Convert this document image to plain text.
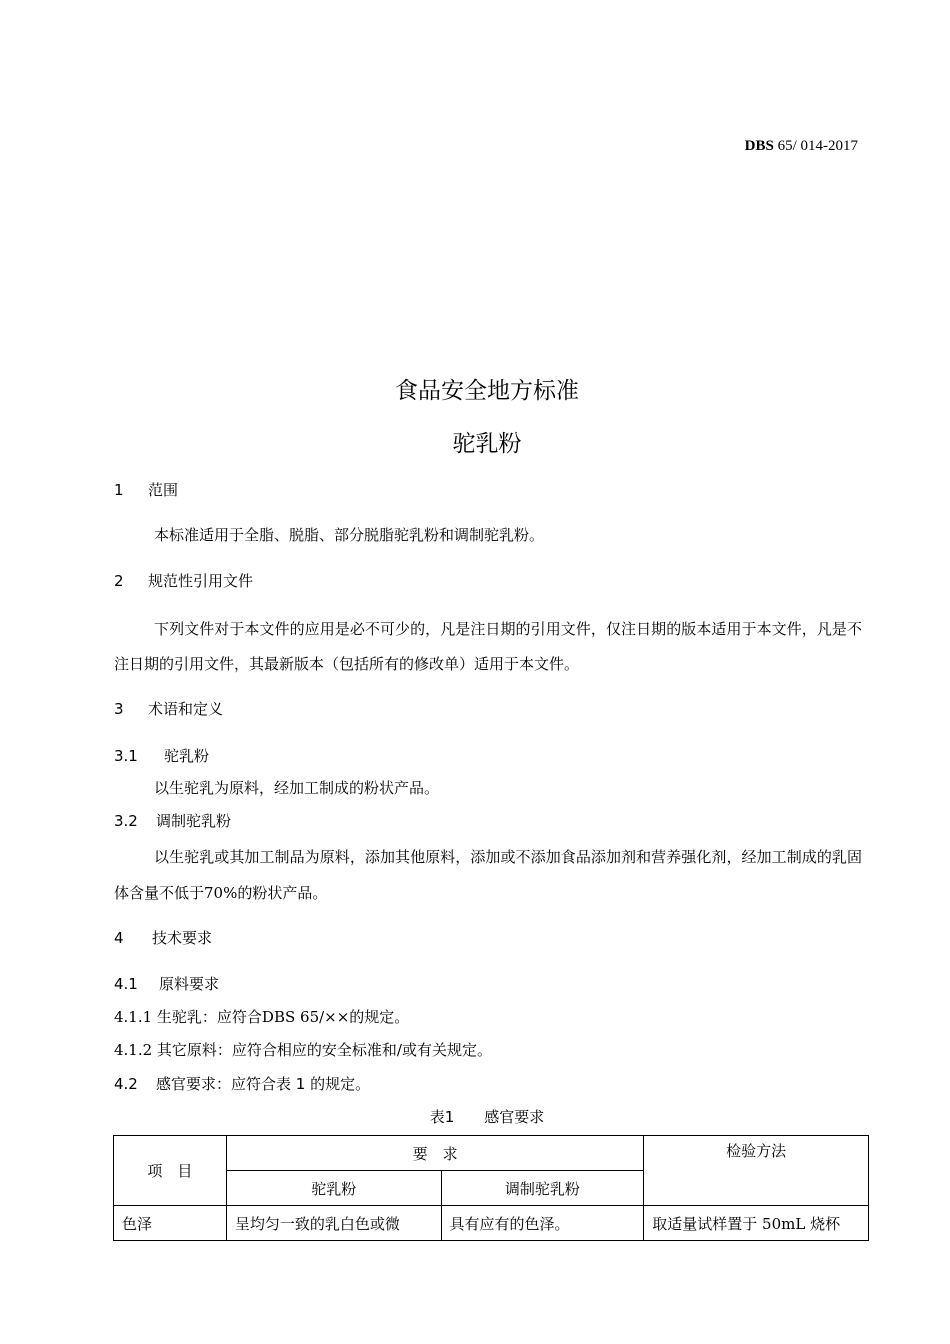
DBS 65/ 014-2017
食品安全地方标准
驼乳粉
1 范围
本标准适用于全脂、脱脂、部分脱脂驼乳粉和调制驼乳粉。
2 规范性引用文件
下列文件对于本文件的应用是必不可少的，凡是注日期的引用文件，仅注日期的版本适用于本文件，凡是不注日期的引用文件，其最新版本（包括所有的修改单）适用于本文件。
3 术语和定义
3.1 驼乳粉
以生驼乳为原料，经加工制成的粉状产品。
3.2 调制驼乳粉
以生驼乳或其加工制品为原料，添加其他原料，添加或不添加食品添加剂和营养强化剂，经加工制成的乳固体含量不低于70%的粉状产品。
4 技术要求
4.1 原料要求
4.1.1 生驼乳：应符合DBS 65/××的规定。
4.1.2 其它原料：应符合相应的安全标准和/或有关规定。
4.2 感官要求：应符合表 1 的规定。
表1 感官要求
项　目	要　求		检验方法
	驼乳粉	调制驼乳粉	
色泽	呈均匀一致的乳白色或微	具有应有的色泽。	取适量试样置于 50mL 烧杯
